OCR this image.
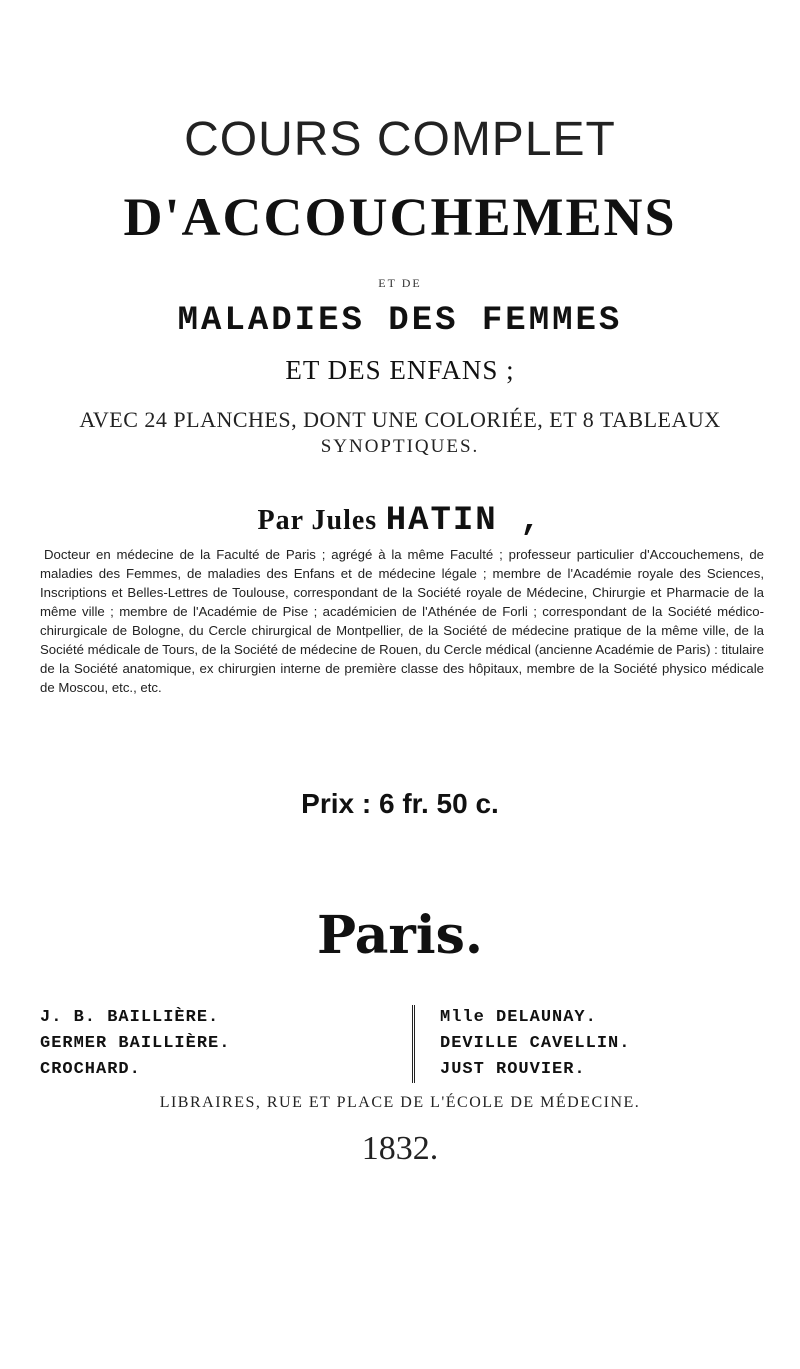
COURS COMPLET
D'ACCOUCHEMENS
ET DE
MALADIES DES FEMMES
ET DES ENFANS ;
AVEC 24 PLANCHES, DONT UNE COLORIÉE, ET 8 TABLEAUX
SYNOPTIQUES.
Par Jules HATIN ,
Docteur en médecine de la Faculté de Paris ; agrégé à la même Faculté ; professeur particulier d'Accouchemens, de maladies des Femmes, de maladies des Enfans et de médecine légale ; membre de l'Académie royale des Sciences, Inscriptions et Belles-Lettres de Toulouse, correspondant de la Société royale de Médecine, Chirurgie et Pharmacie de la même ville ; membre de l'Académie de Pise ; académicien de l'Athénée de Forli ; correspondant de la Société médico-chirurgicale de Bologne, du Cercle chirurgical de Montpellier, de la Société de médecine pratique de la même ville, de la Société médicale de Tours, de la Société de médecine de Rouen, du Cercle médical (ancienne Académie de Paris) : titulaire de la Société anatomique, ex chirurgien interne de première classe des hôpitaux, membre de la Société physico médicale de Moscou, etc., etc.
Prix : 6 fr. 50 c.
Paris.
J. B. BAILLIÈRE.
GERMER BAILLIÈRE.
CROCHARD.
Mlle DELAUNAY.
DEVILLE CAVELLIN.
JUST ROUVIER.
LIBRAIRES, RUE ET PLACE DE L'ÉCOLE DE MÉDECINE.
1832.
